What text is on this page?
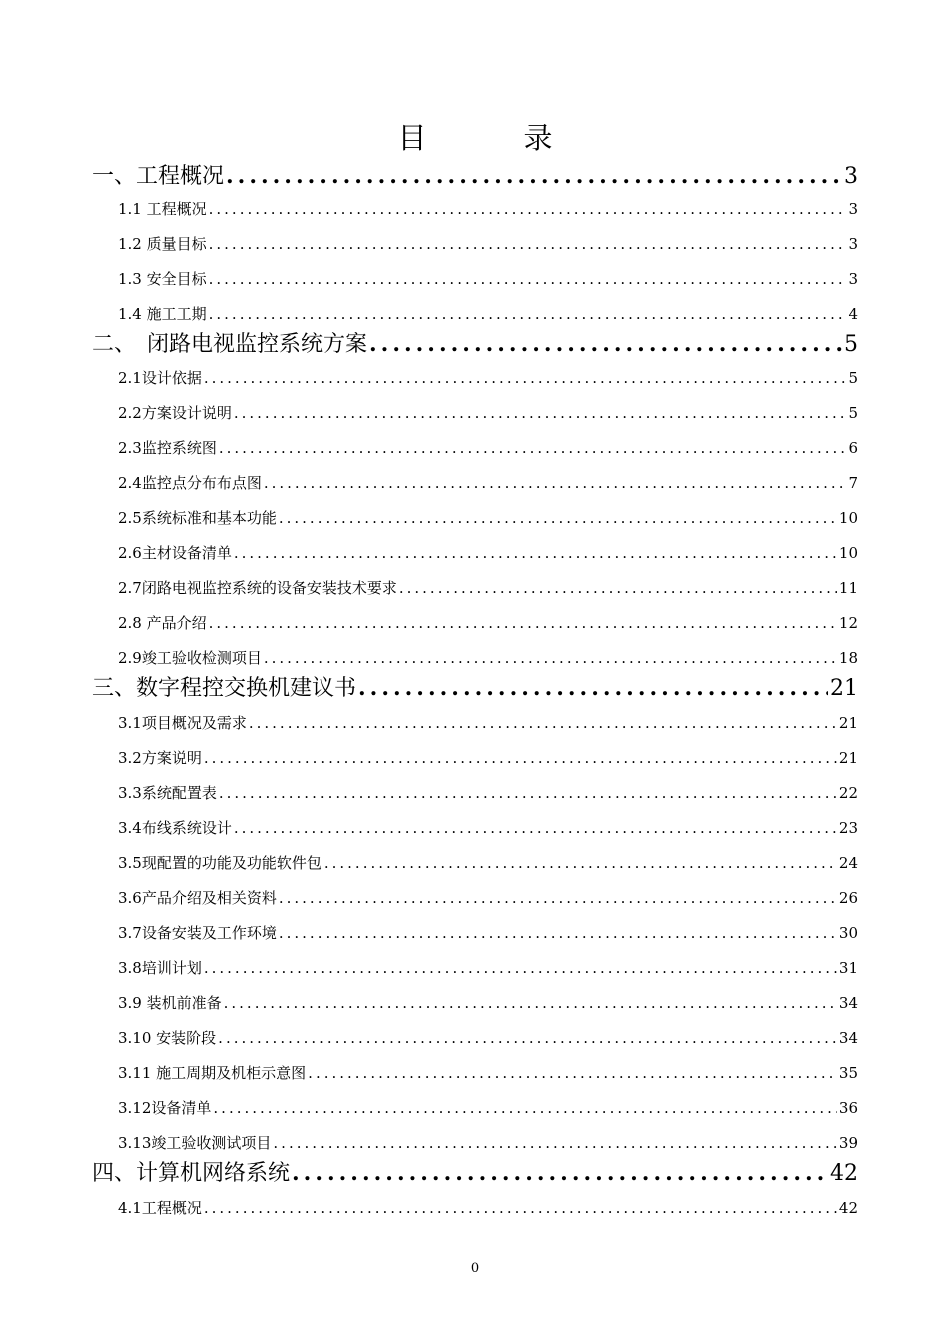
目　录
一、工程概况 .....	3
1.1 工程概况 .....	3
1.2 质量目标 .....	3
1.3 安全目标 .....	3
1.4 施工工期 .....	4
二、　闭路电视监控系统方案 .....	5
2.1设计依据 .....	5
2.2方案设计说明 .....	5
2.3监控系统图 .....	6
2.4监控点分布布点图 .....	7
2.5系统标准和基本功能 .....	10
2.6主材设备清单 .....	10
2.7闭路电视监控系统的设备安装技术要求 .....	11
2.8 产品介绍 .....	12
2.9竣工验收检测项目 .....	18
三、数字程控交换机建议书 .....	21
3.1项目概况及需求 .....	21
3.2方案说明 .....	21
3.3系统配置表 .....	22
3.4布线系统设计 .....	23
3.5现配置的功能及功能软件包 .....	24
3.6产品介绍及相关资料 .....	26
3.7设备安装及工作环境 .....	30
3.8培训计划 .....	31
3.9 装机前准备 .....	34
3.10 安装阶段 .....	34
3.11 施工周期及机柜示意图 .....	35
3.12设备清单 .....	36
3.13竣工验收测试项目 .....	39
四、计算机网络系统 .....	42
4.1工程概况 .....	42
0
